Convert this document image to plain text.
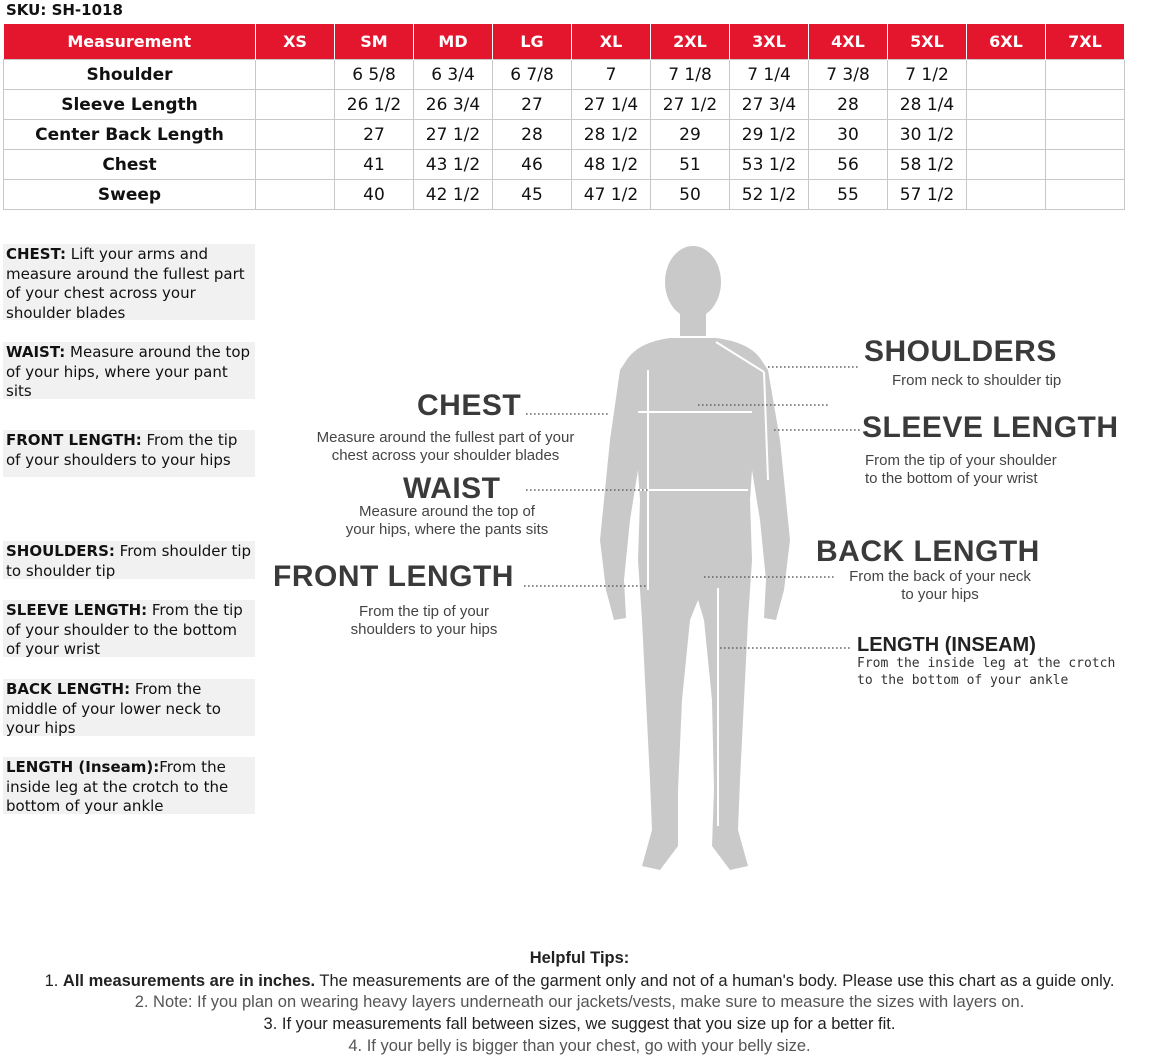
SKU: SH-1018
Measurement	XS	SM	MD	LG	XL	2XL	3XL	4XL	5XL	6XL	7XL
Shoulder		6 5/8	6 3/4	6 7/8	7	7 1/8	7 1/4	7 3/8	7 1/2		
Sleeve Length		26 1/2	26 3/4	27	27 1/4	27 1/2	27 3/4	28	28 1/4		
Center Back Length		27	27 1/2	28	28 1/2	29	29 1/2	30	30 1/2		
Chest		41	43 1/2	46	48 1/2	51	53 1/2	56	58 1/2		
Sweep		40	42 1/2	45	47 1/2	50	52 1/2	55	57 1/2		
CHEST: Lift your arms and measure around the fullest part of your chest across your shoulder blades
WAIST: Measure around the top of your hips, where your pant sits
FRONT LENGTH: From the tip of your shoulders to your hips
SHOULDERS: From shoulder tip to shoulder tip
SLEEVE LENGTH: From the tip of your shoulder to the bottom of your wrist
BACK LENGTH: From the middle of your lower neck to your hips
LENGTH (Inseam):From the inside leg at the crotch to the bottom of your ankle
SHOULDERS
From neck to shoulder tip
CHEST
Measure around the fullest part of your
chest across your shoulder blades
SLEEVE LENGTH
From the tip of your shoulder
to the bottom of your wrist
WAIST
Measure around the top of
your hips, where the pants sits
BACK LENGTH
From the back of your neck
to your hips
FRONT LENGTH
From the tip of your
shoulders to your hips
LENGTH (INSEAM)
From the inside leg at the crotch
to the bottom of your ankle
Helpful Tips:
1. All measurements are in inches. The measurements are of the garment only and not of a human's body. Please use this chart as a guide only.
2. Note: If you plan on wearing heavy layers underneath our jackets/vests, make sure to measure the sizes with layers on.
3. If your measurements fall between sizes, we suggest that you size up for a better fit.
4. If your belly is bigger than your chest, go with your belly size.
